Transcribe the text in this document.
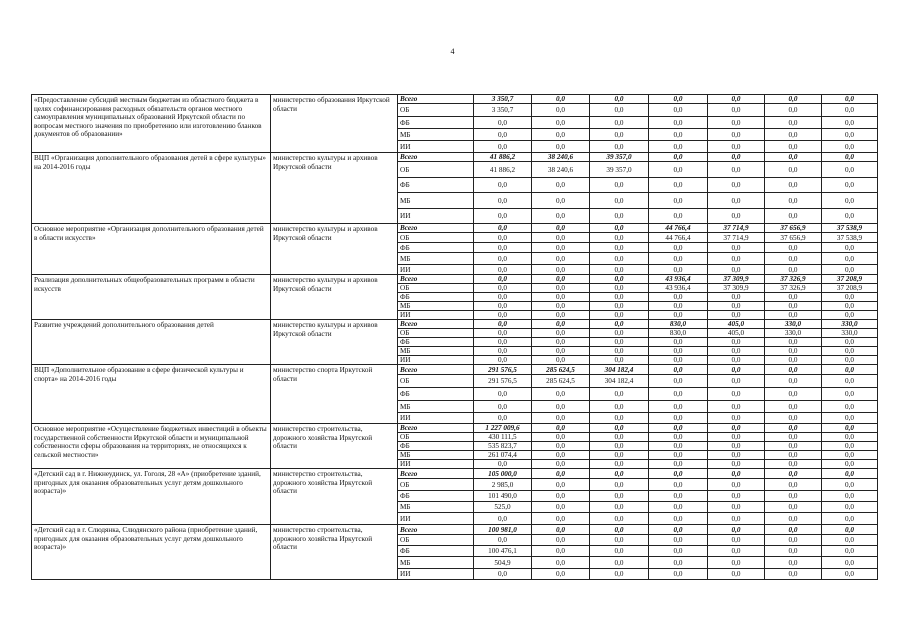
4
«Предоставление субсидий местным бюджетам из областного бюджета в целях софинансирования расходных обязательств органов местного самоуправления муниципальных образований Иркутской области по вопросам местного значения по приобретению или изготовлению бланков документов об образовании»	министерство образования Иркутской области	Всего	3 350,7	0,0	0,0	0,0	0,0	0,0	0,0
		ОБ	3 350,7	0,0	0,0	0,0	0,0	0,0	0,0
		ФБ	0,0	0,0	0,0	0,0	0,0	0,0	0,0
		МБ	0,0	0,0	0,0	0,0	0,0	0,0	0,0
		ИИ	0,0	0,0	0,0	0,0	0,0	0,0	0,0
ВЦП «Организация дополнительного образования детей в сфере культуры» на 2014-2016 годы	министерство культуры и архивов Иркутской области	Всего	41 886,2	38 240,6	39 357,0	0,0	0,0	0,0	0,0
		ОБ	41 886,2	38 240,6	39 357,0	0,0	0,0	0,0	0,0
		ФБ	0,0	0,0	0,0	0,0	0,0	0,0	0,0
		МБ	0,0	0,0	0,0	0,0	0,0	0,0	0,0
		ИИ	0,0	0,0	0,0	0,0	0,0	0,0	0,0
Основное мероприятие «Организация дополнительного образования детей в области искусств»	министерство культуры и архивов Иркутской области	Всего	0,0	0,0	0,0	44 766,4	37 714,9	37 656,9	37 538,9
		ОБ	0,0	0,0	0,0	44 766,4	37 714,9	37 656,9	37 538,9
		ФБ	0,0	0,0	0,0	0,0	0,0	0,0	0,0
		МБ	0,0	0,0	0,0	0,0	0,0	0,0	0,0
		ИИ	0,0	0,0	0,0	0,0	0,0	0,0	0,0
Реализация дополнительных общеобразовательных программ в области искусств	министерство культуры и архивов Иркутской области	Всего	0,0	0,0	0,0	43 936,4	37 309,9	37 326,9	37 208,9
		ОБ	0,0	0,0	0,0	43 936,4	37 309,9	37 326,9	37 208,9
		ФБ	0,0	0,0	0,0	0,0	0,0	0,0	0,0
		МБ	0,0	0,0	0,0	0,0	0,0	0,0	0,0
		ИИ	0,0	0,0	0,0	0,0	0,0	0,0	0,0
Развитие учреждений дополнительного образования детей	министерство культуры и архивов Иркутской области	Всего	0,0	0,0	0,0	830,0	405,0	330,0	330,0
		ОБ	0,0	0,0	0,0	830,0	405,0	330,0	330,0
		ФБ	0,0	0,0	0,0	0,0	0,0	0,0	0,0
		МБ	0,0	0,0	0,0	0,0	0,0	0,0	0,0
		ИИ	0,0	0,0	0,0	0,0	0,0	0,0	0,0
ВЦП «Дополнительное образование в сфере физической культуры и спорта» на 2014-2016 годы	министерство спорта Иркутской области	Всего	291 576,5	285 624,5	304 182,4	0,0	0,0	0,0	0,0
		ОБ	291 576,5	285 624,5	304 182,4	0,0	0,0	0,0	0,0
		ФБ	0,0	0,0	0,0	0,0	0,0	0,0	0,0
		МБ	0,0	0,0	0,0	0,0	0,0	0,0	0,0
		ИИ	0,0	0,0	0,0	0,0	0,0	0,0	0,0
Основное мероприятие «Осуществление бюджетных инвестиций в объекты государственной собственности Иркутской области и муниципальной собственности сферы образования на территориях, не относящихся к сельской местности»	министерство строительства, дорожного хозяйства Иркутской области	Всего	1 227 009,6	0,0	0,0	0,0	0,0	0,0	0,0
		ОБ	430 111,5	0,0	0,0	0,0	0,0	0,0	0,0
		ФБ	535 823,7	0,0	0,0	0,0	0,0	0,0	0,0
		МБ	261 074,4	0,0	0,0	0,0	0,0	0,0	0,0
		ИИ	0,0	0,0	0,0	0,0	0,0	0,0	0,0
«Детский сад в г. Нижнеудинск, ул. Гоголя, 28 «А» (приобретение зданий, пригодных для оказания образовательных услуг детям дошкольного возраста)»	министерство строительства, дорожного хозяйства Иркутской области	Всего	105 000,0	0,0	0,0	0,0	0,0	0,0	0,0
		ОБ	2 985,0	0,0	0,0	0,0	0,0	0,0	0,0
		ФБ	101 490,0	0,0	0,0	0,0	0,0	0,0	0,0
		МБ	525,0	0,0	0,0	0,0	0,0	0,0	0,0
		ИИ	0,0	0,0	0,0	0,0	0,0	0,0	0,0
«Детский сад в г. Слюдянка, Слюдянского района (приобретение зданий, пригодных для оказания образовательных услуг детям дошкольного возраста)»	министерство строительства, дорожного хозяйства Иркутской области	Всего	100 981,0	0,0	0,0	0,0	0,0	0,0	0,0
		ОБ	0,0	0,0	0,0	0,0	0,0	0,0	0,0
		ФБ	100 476,1	0,0	0,0	0,0	0,0	0,0	0,0
		МБ	504,9	0,0	0,0	0,0	0,0	0,0	0,0
		ИИ	0,0	0,0	0,0	0,0	0,0	0,0	0,0
